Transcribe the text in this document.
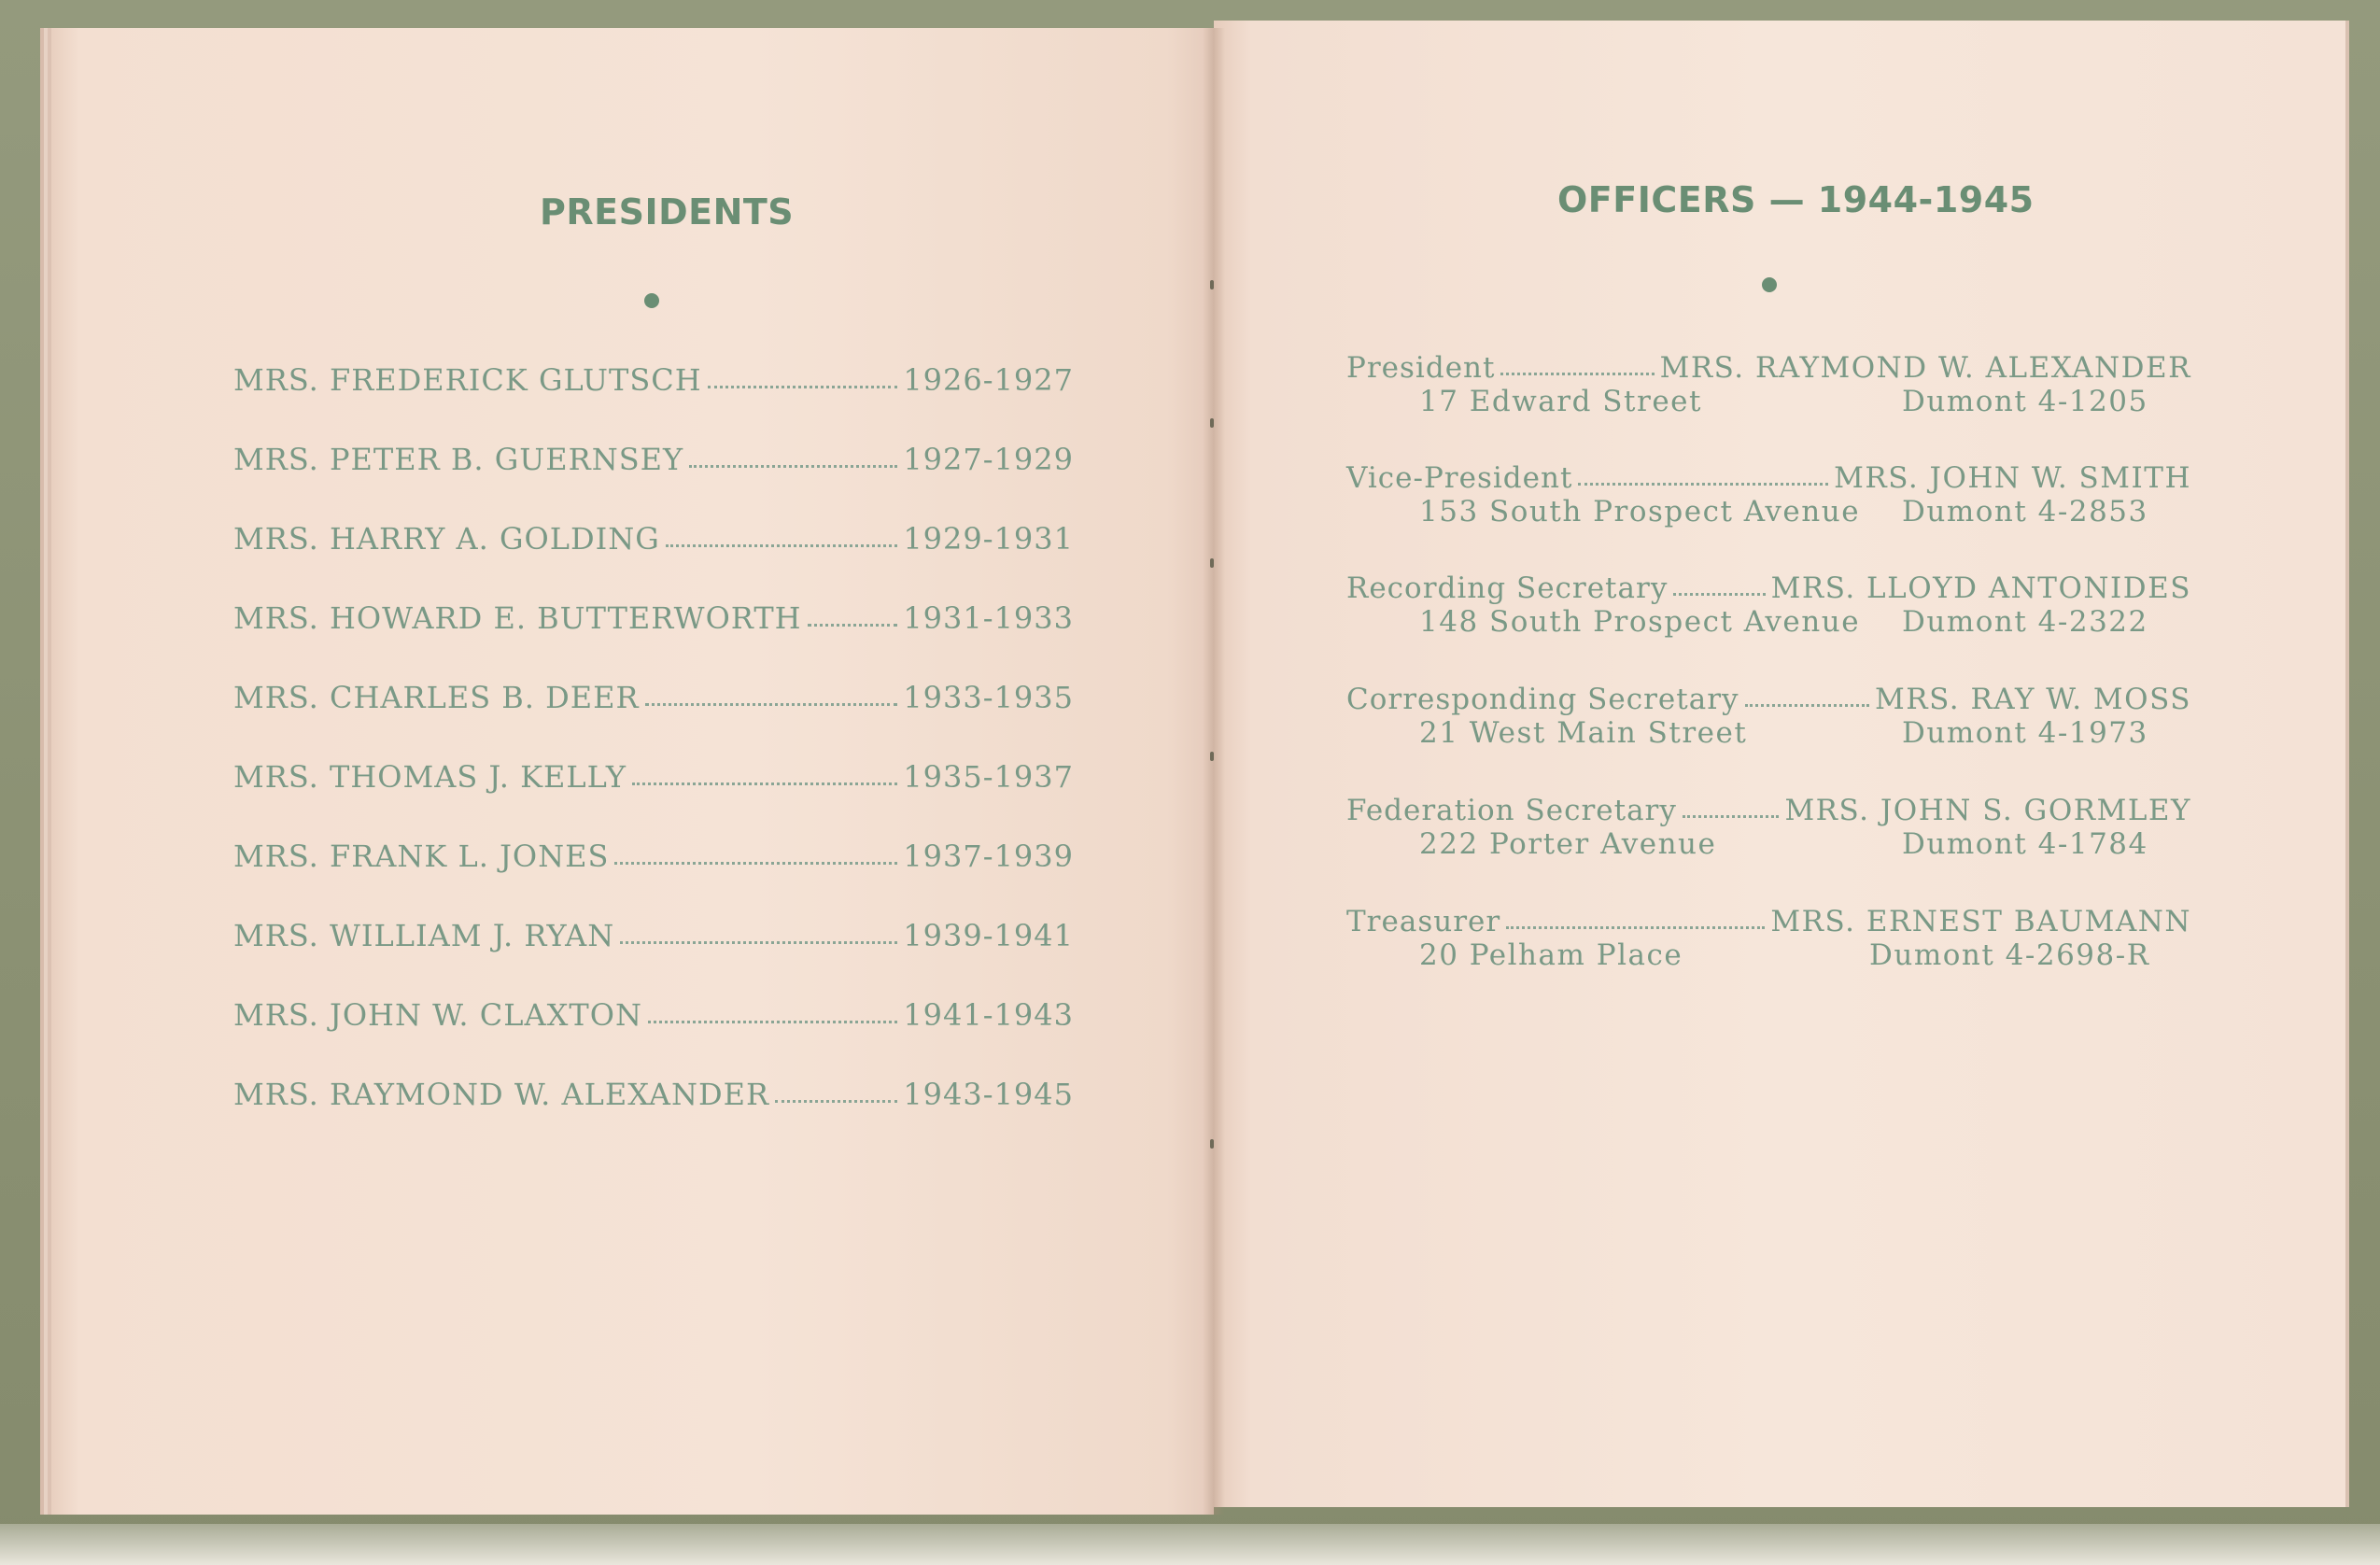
PRESIDENTS
MRS. FREDERICK GLUTSCH	1926-1927
MRS. PETER B. GUERNSEY	1927-1929
MRS. HARRY A. GOLDING	1929-1931
MRS. HOWARD E. BUTTERWORTH	1931-1933
MRS. CHARLES B. DEER	1933-1935
MRS. THOMAS J. KELLY	1935-1937
MRS. FRANK L. JONES	1937-1939
MRS. WILLIAM J. RYAN	1939-1941
MRS. JOHN W. CLAXTON	1941-1943
MRS. RAYMOND W. ALEXANDER	1943-1945
OFFICERS — 1944-1945
President	MRS. RAYMOND W. ALEXANDER
17 Edward Street	Dumont 4-1205
Vice-President	MRS. JOHN W. SMITH
153 South Prospect Avenue Dumont 4-2853
Recording Secretary	MRS. LLOYD ANTONIDES
148 South Prospect Avenue Dumont 4-2322
Corresponding Secretary	MRS. RAY W. MOSS
21 West Main Street	Dumont 4-1973
Federation Secretary	MRS. JOHN S. GORMLEY
222 Porter Avenue	Dumont 4-1784
Treasurer	MRS. ERNEST BAUMANN
20 Pelham Place	Dumont 4-2698-R
